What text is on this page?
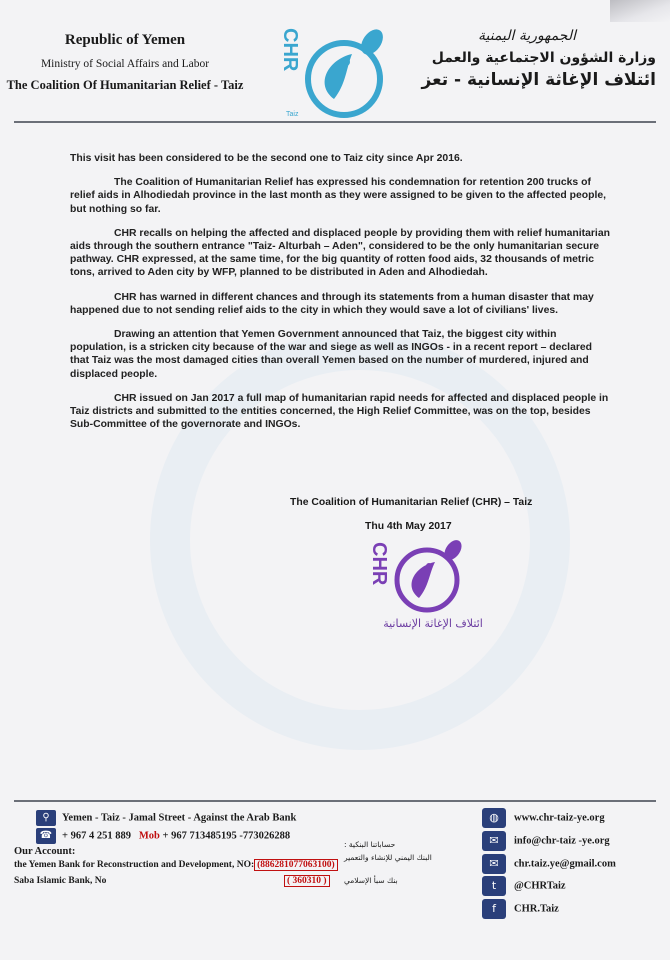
Republic of Yemen
Ministry of Social Affairs and Labor
The Coalition Of Humanitarian Relief - Taiz
CHR
Taiz
الجمهورية اليمنية
وزارة الشؤون الاجتماعية والعمل
ائتلاف الإغاثة الإنسانية - تعز

This visit has been considered to be the second one to Taiz city since Apr 2016.

The Coalition of Humanitarian Relief has expressed his condemnation for retention 200 trucks of relief aids in Alhodiedah province in the last month as they were assigned to be given to the affected people, but nothing so far.

CHR recalls on helping the affected and displaced people by providing them with relief humanitarian aids through the southern entrance "Taiz- Alturbah – Aden", considered to be the only humanitarian secure pathway. CHR expressed, at the same time, for the big quantity of rotten food aids, 32 thousands of metric tons, arrived to Aden city by WFP, planned to be distributed in Aden and Alhodiedah.

CHR has warned in different chances and through its statements from a human disaster that may happened due to not sending relief aids to the city in which they would save a lot of civilians' lives.

Drawing an attention that Yemen Government announced that Taiz, the biggest city within population, is a stricken city because of the war and siege as well as INGOs - in a recent report – declared that Taiz was the most damaged cities than overall Yemen based on the number of murdered, injured and displaced people.

CHR issued on Jan 2017 a full map of humanitarian rapid needs for affected and displaced people in Taiz districts and submitted to the entities concerned, the High Relief Committee, was on the top, besides Sub-Committee of the governorate and INGOs.

The Coalition of Humanitarian Relief (CHR) – Taiz
Thu 4th May 2017
CHR
ائتلاف الإغاثة الإنسانية
⚲ Yemen - Taiz - Jamal Street - Against the Arab Bank
☎ + 967 4 251 889 Mob + 967 713485195 -773026288
Our Account:
حساباتنا البنكية :
the Yemen Bank for Reconstruction and Development, NO: (886281077063100)
البنك اليمني للإنشاء والتعمير
Saba Islamic Bank, No	( 360310 )	بنك سبأ الإسلامي
◍ www.chr-taiz-ye.org
✉ info@chr-taiz -ye.org
✉ chr.taiz.ye@gmail.com
t @CHRTaiz
f CHR.Taiz
